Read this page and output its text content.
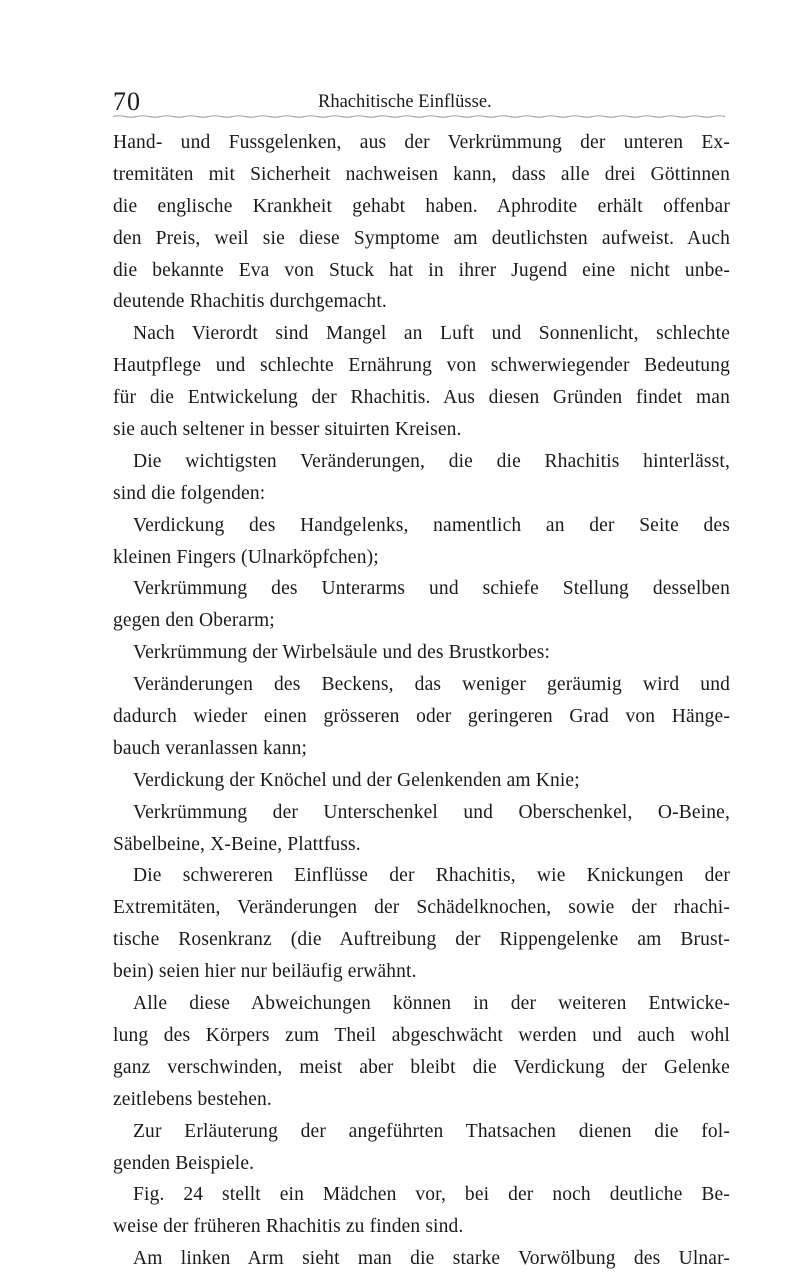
70	Rhachitische Einflüsse.
Hand- und Fussgelenken, aus der Verkrümmung der unteren Ex-
tremitäten mit Sicherheit nachweisen kann, dass alle drei Göttinnen
die englische Krankheit gehabt haben. Aphrodite erhält offenbar
den Preis, weil sie diese Symptome am deutlichsten aufweist. Auch
die bekannte Eva von Stuck hat in ihrer Jugend eine nicht unbe-
deutende Rhachitis durchgemacht.
Nach Vierordt sind Mangel an Luft und Sonnenlicht, schlechte
Hautpflege und schlechte Ernährung von schwerwiegender Bedeutung
für die Entwickelung der Rhachitis. Aus diesen Gründen findet man
sie auch seltener in besser situirten Kreisen.
Die wichtigsten Veränderungen, die die Rhachitis hinterlässt,
sind die folgenden:
Verdickung des Handgelenks, namentlich an der Seite des
kleinen Fingers (Ulnarköpfchen);
Verkrümmung des Unterarms und schiefe Stellung desselben
gegen den Oberarm;
Verkrümmung der Wirbelsäule und des Brustkorbes:
Veränderungen des Beckens, das weniger geräumig wird und
dadurch wieder einen grösseren oder geringeren Grad von Hänge-
bauch veranlassen kann;
Verdickung der Knöchel und der Gelenkenden am Knie;
Verkrümmung der Unterschenkel und Oberschenkel, O-Beine,
Säbelbeine, X-Beine, Plattfuss.
Die schwereren Einflüsse der Rhachitis, wie Knickungen der
Extremitäten, Veränderungen der Schädelknochen, sowie der rhachi-
tische Rosenkranz (die Auftreibung der Rippengelenke am Brust-
bein) seien hier nur beiläufig erwähnt.
Alle diese Abweichungen können in der weiteren Entwicke-
lung des Körpers zum Theil abgeschwächt werden und auch wohl
ganz verschwinden, meist aber bleibt die Verdickung der Gelenke
zeitlebens bestehen.
Zur Erläuterung der angeführten Thatsachen dienen die fol-
genden Beispiele.
Fig. 24 stellt ein Mädchen vor, bei der noch deutliche Be-
weise der früheren Rhachitis zu finden sind.
Am linken Arm sieht man die starke Vorwölbung des Ulnar-
